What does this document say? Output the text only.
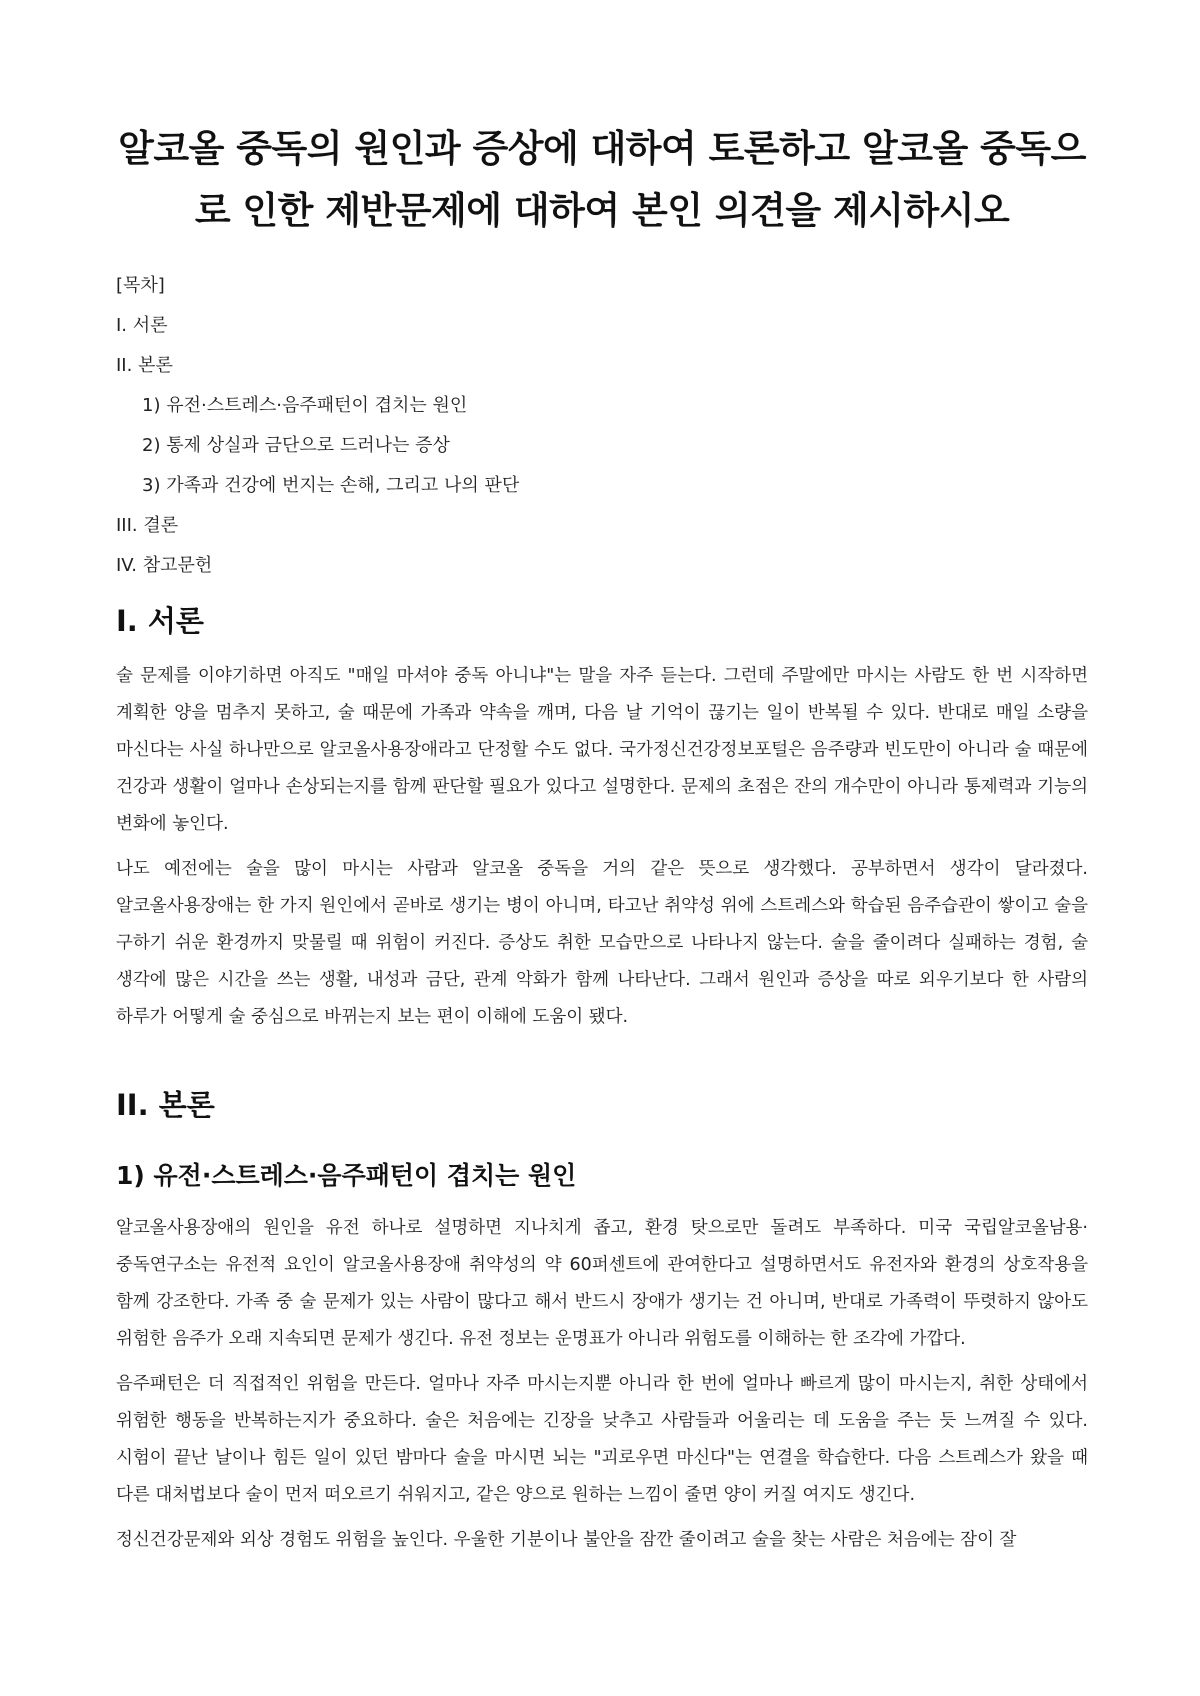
알코올 중독의 원인과 증상에 대하여 토론하고 알코올 중독으로 인한 제반문제에 대하여 본인 의견을 제시하시오
[목차]
I. 서론
II. 본론
1) 유전·스트레스·음주패턴이 겹치는 원인
2) 통제 상실과 금단으로 드러나는 증상
3) 가족과 건강에 번지는 손해, 그리고 나의 판단
III. 결론
IV. 참고문헌
I. 서론

술 문제를 이야기하면 아직도 "매일 마셔야 중독 아니냐"는 말을 자주 듣는다. 그런데 주말에만 마시는 사람도 한 번 시작하면 계획한 양을 멈추지 못하고, 술 때문에 가족과 약속을 깨며, 다음 날 기억이 끊기는 일이 반복될 수 있다. 반대로 매일 소량을 마신다는 사실 하나만으로 알코올사용장애라고 단정할 수도 없다. 국가정신건강정보포털은 음주량과 빈도만이 아니라 술 때문에 건강과 생활이 얼마나 손상되는지를 함께 판단할 필요가 있다고 설명한다. 문제의 초점은 잔의 개수만이 아니라 통제력과 기능의 변화에 놓인다.

나도 예전에는 술을 많이 마시는 사람과 알코올 중독을 거의 같은 뜻으로 생각했다. 공부하면서 생각이 달라졌다. 알코올사용장애는 한 가지 원인에서 곧바로 생기는 병이 아니며, 타고난 취약성 위에 스트레스와 학습된 음주습관이 쌓이고 술을 구하기 쉬운 환경까지 맞물릴 때 위험이 커진다. 증상도 취한 모습만으로 나타나지 않는다. 술을 줄이려다 실패하는 경험, 술 생각에 많은 시간을 쓰는 생활, 내성과 금단, 관계 악화가 함께 나타난다. 그래서 원인과 증상을 따로 외우기보다 한 사람의 하루가 어떻게 술 중심으로 바뀌는지 보는 편이 이해에 도움이 됐다.

II. 본론
1) 유전·스트레스·음주패턴이 겹치는 원인

알코올사용장애의 원인을 유전 하나로 설명하면 지나치게 좁고, 환경 탓으로만 돌려도 부족하다. 미국 국립알코올남용·중독연구소는 유전적 요인이 알코올사용장애 취약성의 약 60퍼센트에 관여한다고 설명하면서도 유전자와 환경의 상호작용을 함께 강조한다. 가족 중 술 문제가 있는 사람이 많다고 해서 반드시 장애가 생기는 건 아니며, 반대로 가족력이 뚜렷하지 않아도 위험한 음주가 오래 지속되면 문제가 생긴다. 유전 정보는 운명표가 아니라 위험도를 이해하는 한 조각에 가깝다.

음주패턴은 더 직접적인 위험을 만든다. 얼마나 자주 마시는지뿐 아니라 한 번에 얼마나 빠르게 많이 마시는지, 취한 상태에서 위험한 행동을 반복하는지가 중요하다. 술은 처음에는 긴장을 낮추고 사람들과 어울리는 데 도움을 주는 듯 느껴질 수 있다. 시험이 끝난 날이나 힘든 일이 있던 밤마다 술을 마시면 뇌는 "괴로우면 마신다"는 연결을 학습한다. 다음 스트레스가 왔을 때 다른 대처법보다 술이 먼저 떠오르기 쉬워지고, 같은 양으로 원하는 느낌이 줄면 양이 커질 여지도 생긴다.

정신건강문제와 외상 경험도 위험을 높인다. 우울한 기분이나 불안을 잠깐 줄이려고 술을 찾는 사람은 처음에는 잠이 잘
